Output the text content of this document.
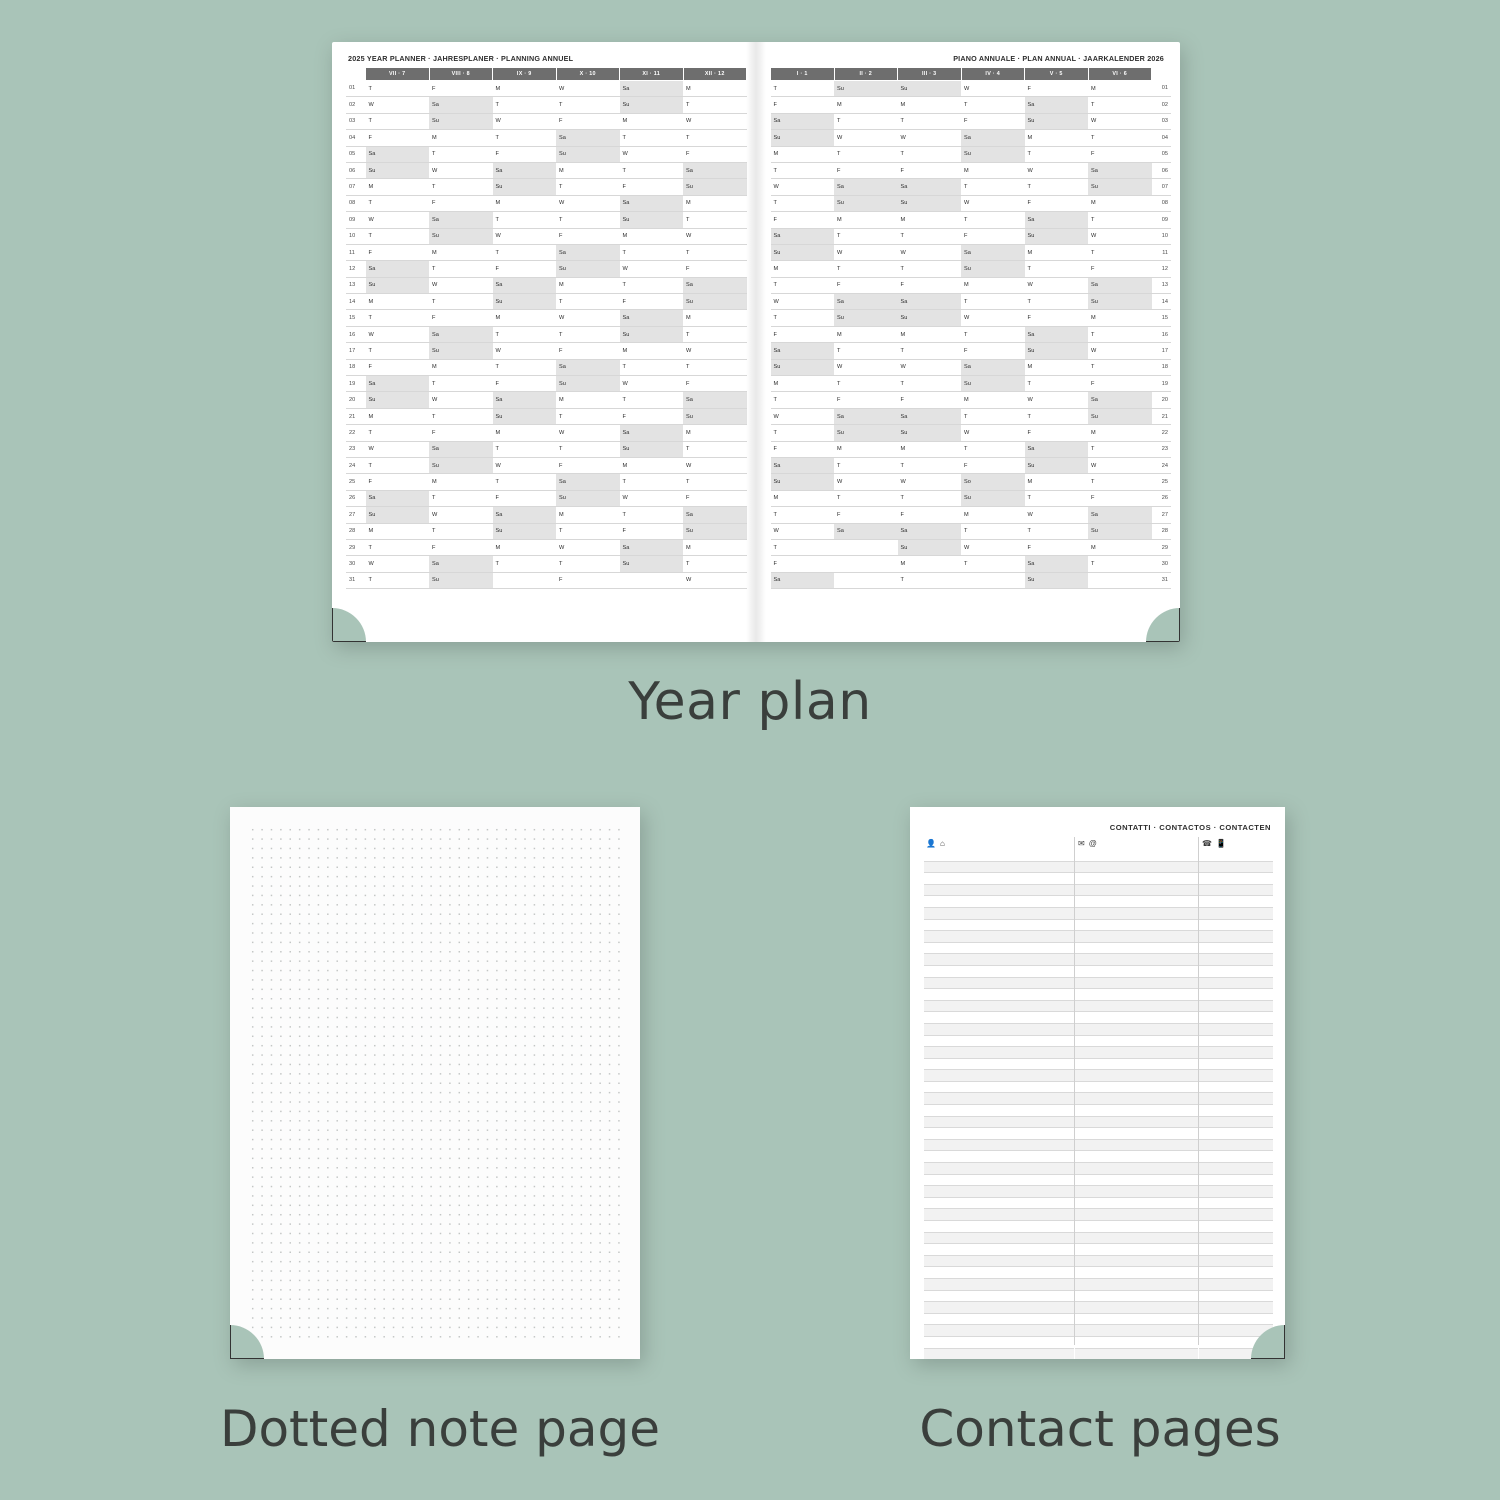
2025 YEAR PLANNER · JAHRESPLANER · PLANNING ANNUEL
	VII · 7	VIII · 8	IX · 9	X · 10	XI · 11	XII · 12
01	T	F	M	W	Sa	M
02	W	Sa	T	T	Su	T
03	T	Su	W	F	M	W
04	F	M	T	Sa	T	T
05	Sa	T	F	Su	W	F
06	Su	W	Sa	M	T	Sa
07	M	T	Su	T	F	Su
08	T	F	M	W	Sa	M
09	W	Sa	T	T	Su	T
10	T	Su	W	F	M	W
11	F	M	T	Sa	T	T
12	Sa	T	F	Su	W	F
13	Su	W	Sa	M	T	Sa
14	M	T	Su	T	F	Su
15	T	F	M	W	Sa	M
16	W	Sa	T	T	Su	T
17	T	Su	W	F	M	W
18	F	M	T	Sa	T	T
19	Sa	T	F	Su	W	F
20	Su	W	Sa	M	T	Sa
21	M	T	Su	T	F	Su
22	T	F	M	W	Sa	M
23	W	Sa	T	T	Su	T
24	T	Su	W	F	M	W
25	F	M	T	Sa	T	T
26	Sa	T	F	Su	W	F
27	Su	W	Sa	M	T	Sa
28	M	T	Su	T	F	Su
29	T	F	M	W	Sa	M
30	W	Sa	T	T	Su	T
31	T	Su		F		W
PIANO ANNUALE · PLAN ANNUAL · JAARKALENDER 2026
I · 1	II · 2	III · 3	IV · 4	V · 5	VI · 6	
T	Su	Su	W	F	M	01
F	M	M	T	Sa	T	02
Sa	T	T	F	Su	W	03
Su	W	W	Sa	M	T	04
M	T	T	Su	T	F	05
T	F	F	M	W	Sa	06
W	Sa	Sa	T	T	Su	07
T	Su	Su	W	F	M	08
F	M	M	T	Sa	T	09
Sa	T	T	F	Su	W	10
Su	W	W	Sa	M	T	11
M	T	T	Su	T	F	12
T	F	F	M	W	Sa	13
W	Sa	Sa	T	T	Su	14
T	Su	Su	W	F	M	15
F	M	M	T	Sa	T	16
Sa	T	T	F	Su	W	17
Su	W	W	Sa	M	T	18
M	T	T	Su	T	F	19
T	F	F	M	W	Sa	20
W	Sa	Sa	T	T	Su	21
T	Su	Su	W	F	M	22
F	M	M	T	Sa	T	23
Sa	T	T	F	Su	W	24
Su	W	W	So	M	T	25
M	T	T	Su	T	F	26
T	F	F	M	W	Sa	27
W	Sa	Sa	T	T	Su	28
T		Su	W	F	M	29
F		M	T	Sa	T	30
Sa		T		Su		31
Year plan
Dotted note page
CONTATTI · CONTACTOS · CONTACTEN
👤 ⌂	✉ @	☎ 📱
Contact pages
